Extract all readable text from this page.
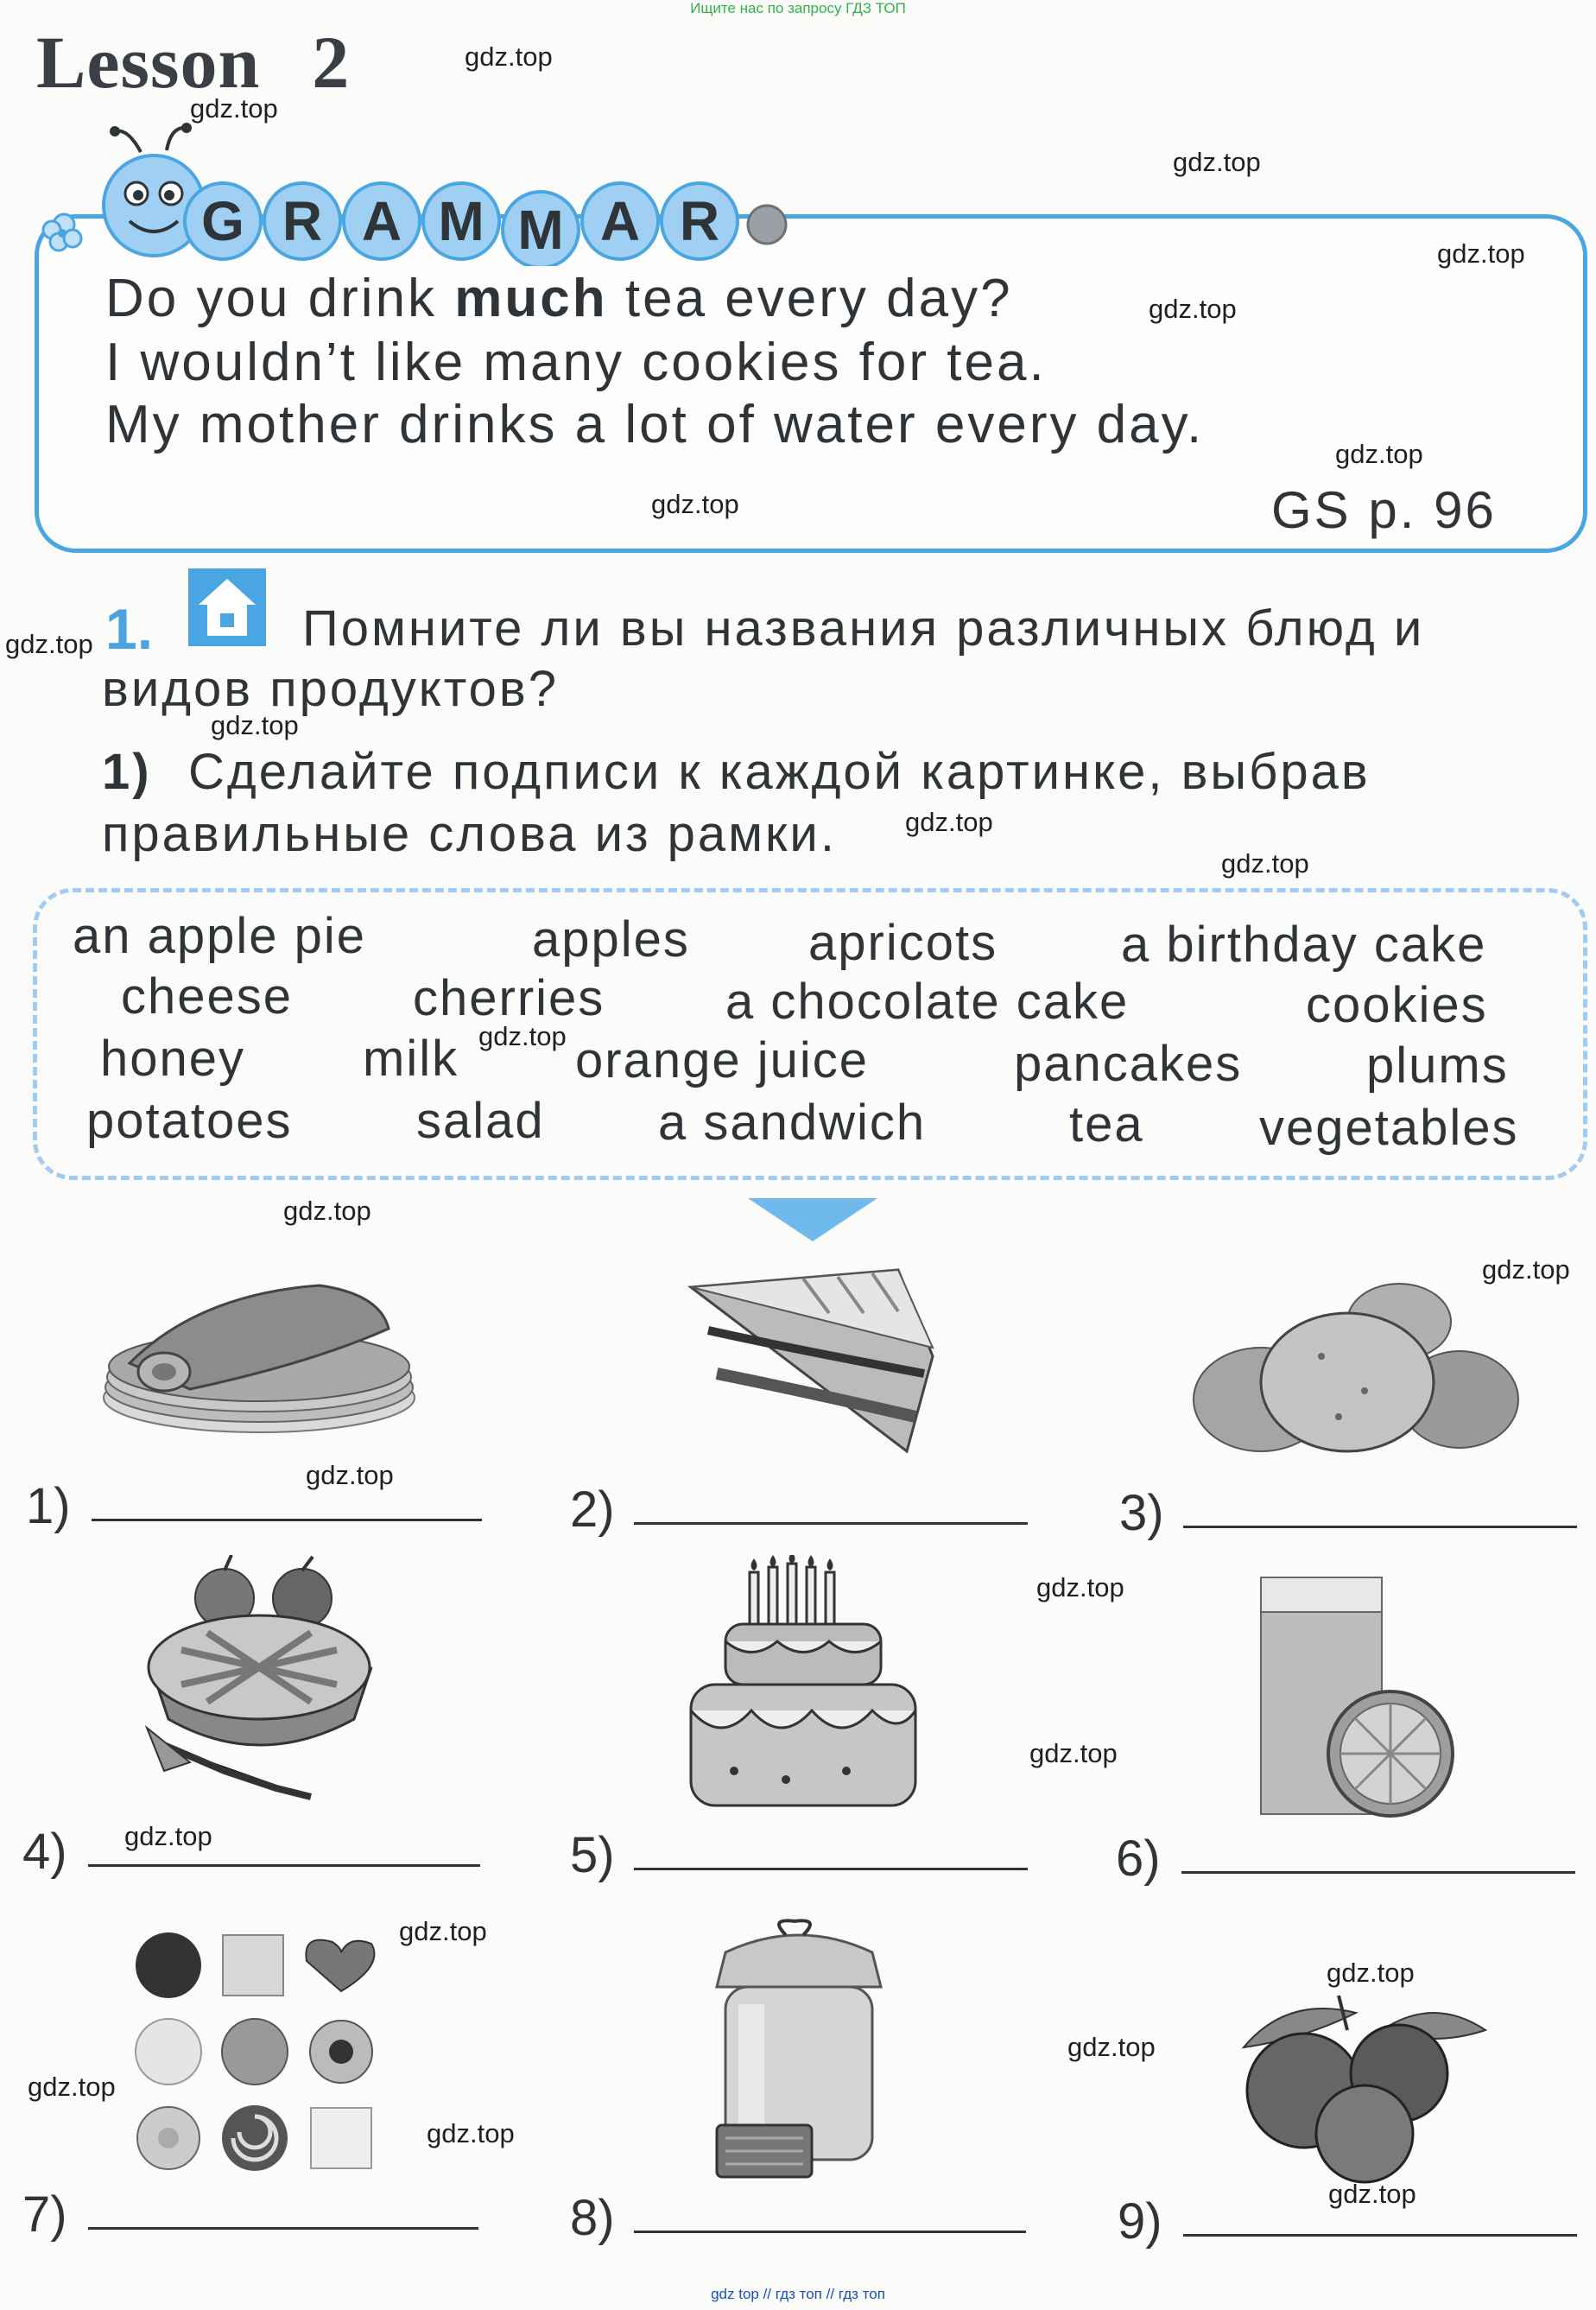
Ищите нас по запросу ГДЗ ТОП
gdz top // гдз топ // гдз топ
Lesson 2
G R A M M A R
Do you drink much tea every day?
I wouldn’t like many cookies for tea.
My mother drinks a lot of water every day.
GS p. 96
1.	Помните ли вы названия различных блюд и
видов продуктов?
1) Сделайте подписи к каждой картинке, выбрав
правильные слова из рамки.
an apple pie	apples apricots a birthday cake
cheese cherries a chocolate cake	cookies
honey milk orange juice	pancakes plums
potatoes salad a sandwich	tea vegetables
1)	2)	3)
4)	5)	6)
7)	8)	9)
gdz.top
gdz.top
gdz.top
gdz.top
gdz.top
gdz.top
gdz.top
gdz.top
gdz.top
gdz.top
gdz.top
gdz.top
gdz.top
gdz.top
gdz.top
gdz.top
gdz.top
gdz.top
gdz.top
gdz.top
gdz.top
gdz.top
gdz.top
gdz.top
